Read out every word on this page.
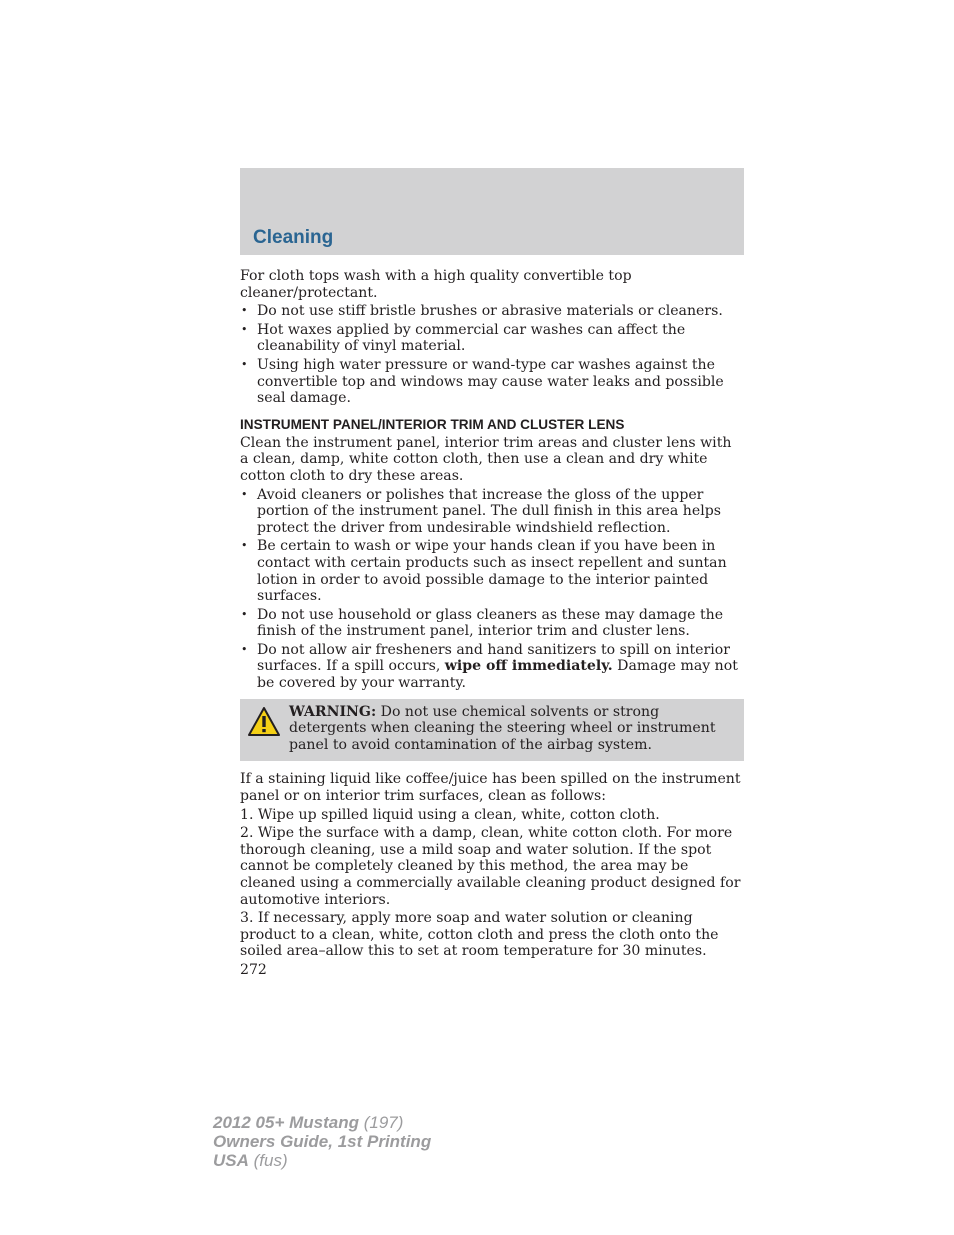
Cleaning

For cloth tops wash with a high quality convertible top cleaner/protectant.

• Do not use stiff bristle brushes or abrasive materials or cleaners.
• Hot waxes applied by commercial car washes can affect the cleanability of vinyl material.
• Using high water pressure or wand-type car washes against the convertible top and windows may cause water leaks and possible seal damage.
INSTRUMENT PANEL/INTERIOR TRIM AND CLUSTER LENS

Clean the instrument panel, interior trim areas and cluster lens with a clean, damp, white cotton cloth, then use a clean and dry white cotton cloth to dry these areas.

• Avoid cleaners or polishes that increase the gloss of the upper portion of the instrument panel. The dull finish in this area helps protect the driver from undesirable windshield reflection.
• Be certain to wash or wipe your hands clean if you have been in contact with certain products such as insect repellent and suntan lotion in order to avoid possible damage to the interior painted surfaces.
• Do not use household or glass cleaners as these may damage the finish of the instrument panel, interior trim and cluster lens.
• Do not allow air fresheners and hand sanitizers to spill on interior surfaces. If a spill occurs, wipe off immediately. Damage may not be covered by your warranty.
WARNING: Do not use chemical solvents or strong detergents when cleaning the steering wheel or instrument panel to avoid contamination of the airbag system.

If a staining liquid like coffee/juice has been spilled on the instrument panel or on interior trim surfaces, clean as follows:

1. Wipe up spilled liquid using a clean, white, cotton cloth.

2. Wipe the surface with a damp, clean, white cotton cloth. For more thorough cleaning, use a mild soap and water solution. If the spot cannot be completely cleaned by this method, the area may be cleaned using a commercially available cleaning product designed for automotive interiors.

3. If necessary, apply more soap and water solution or cleaning product to a clean, white, cotton cloth and press the cloth onto the soiled area–allow this to set at room temperature for 30 minutes.

272
2012 05+ Mustang (197)
Owners Guide, 1st Printing
USA (fus)
